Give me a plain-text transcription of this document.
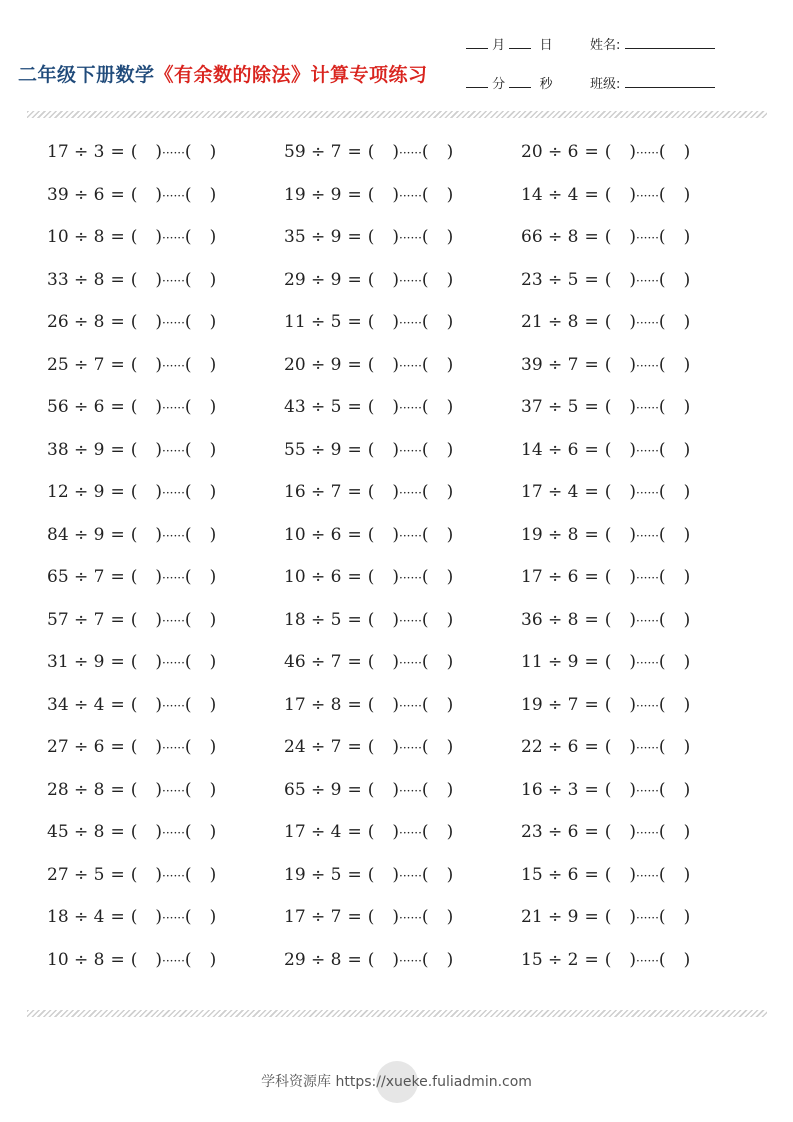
二年级下册数学《有余数的除法》计算专项练习
月	日	姓名:
分	秒	班级:
17 ÷ 3 = ( )······( )	59 ÷ 7 = ( )······( )	20 ÷ 6 = ( )······( )
39 ÷ 6 = ( )······( )	19 ÷ 9 = ( )······( )	14 ÷ 4 = ( )······( )
10 ÷ 8 = ( )······( )	35 ÷ 9 = ( )······( )	66 ÷ 8 = ( )······( )
33 ÷ 8 = ( )······( )	29 ÷ 9 = ( )······( )	23 ÷ 5 = ( )······( )
26 ÷ 8 = ( )······( )	11 ÷ 5 = ( )······( )	21 ÷ 8 = ( )······( )
25 ÷ 7 = ( )······( )	20 ÷ 9 = ( )······( )	39 ÷ 7 = ( )······( )
56 ÷ 6 = ( )······( )	43 ÷ 5 = ( )······( )	37 ÷ 5 = ( )······( )
38 ÷ 9 = ( )······( )	55 ÷ 9 = ( )······( )	14 ÷ 6 = ( )······( )
12 ÷ 9 = ( )······( )	16 ÷ 7 = ( )······( )	17 ÷ 4 = ( )······( )
84 ÷ 9 = ( )······( )	10 ÷ 6 = ( )······( )	19 ÷ 8 = ( )······( )
65 ÷ 7 = ( )······( )	10 ÷ 6 = ( )······( )	17 ÷ 6 = ( )······( )
57 ÷ 7 = ( )······( )	18 ÷ 5 = ( )······( )	36 ÷ 8 = ( )······( )
31 ÷ 9 = ( )······( )	46 ÷ 7 = ( )······( )	11 ÷ 9 = ( )······( )
34 ÷ 4 = ( )······( )	17 ÷ 8 = ( )······( )	19 ÷ 7 = ( )······( )
27 ÷ 6 = ( )······( )	24 ÷ 7 = ( )······( )	22 ÷ 6 = ( )······( )
28 ÷ 8 = ( )······( )	65 ÷ 9 = ( )······( )	16 ÷ 3 = ( )······( )
45 ÷ 8 = ( )······( )	17 ÷ 4 = ( )······( )	23 ÷ 6 = ( )······( )
27 ÷ 5 = ( )······( )	19 ÷ 5 = ( )······( )	15 ÷ 6 = ( )······( )
18 ÷ 4 = ( )······( )	17 ÷ 7 = ( )······( )	21 ÷ 9 = ( )······( )
10 ÷ 8 = ( )······( )	29 ÷ 8 = ( )······( )	15 ÷ 2 = ( )······( )
学科资源库 https://xueke.fuliadmin.com
